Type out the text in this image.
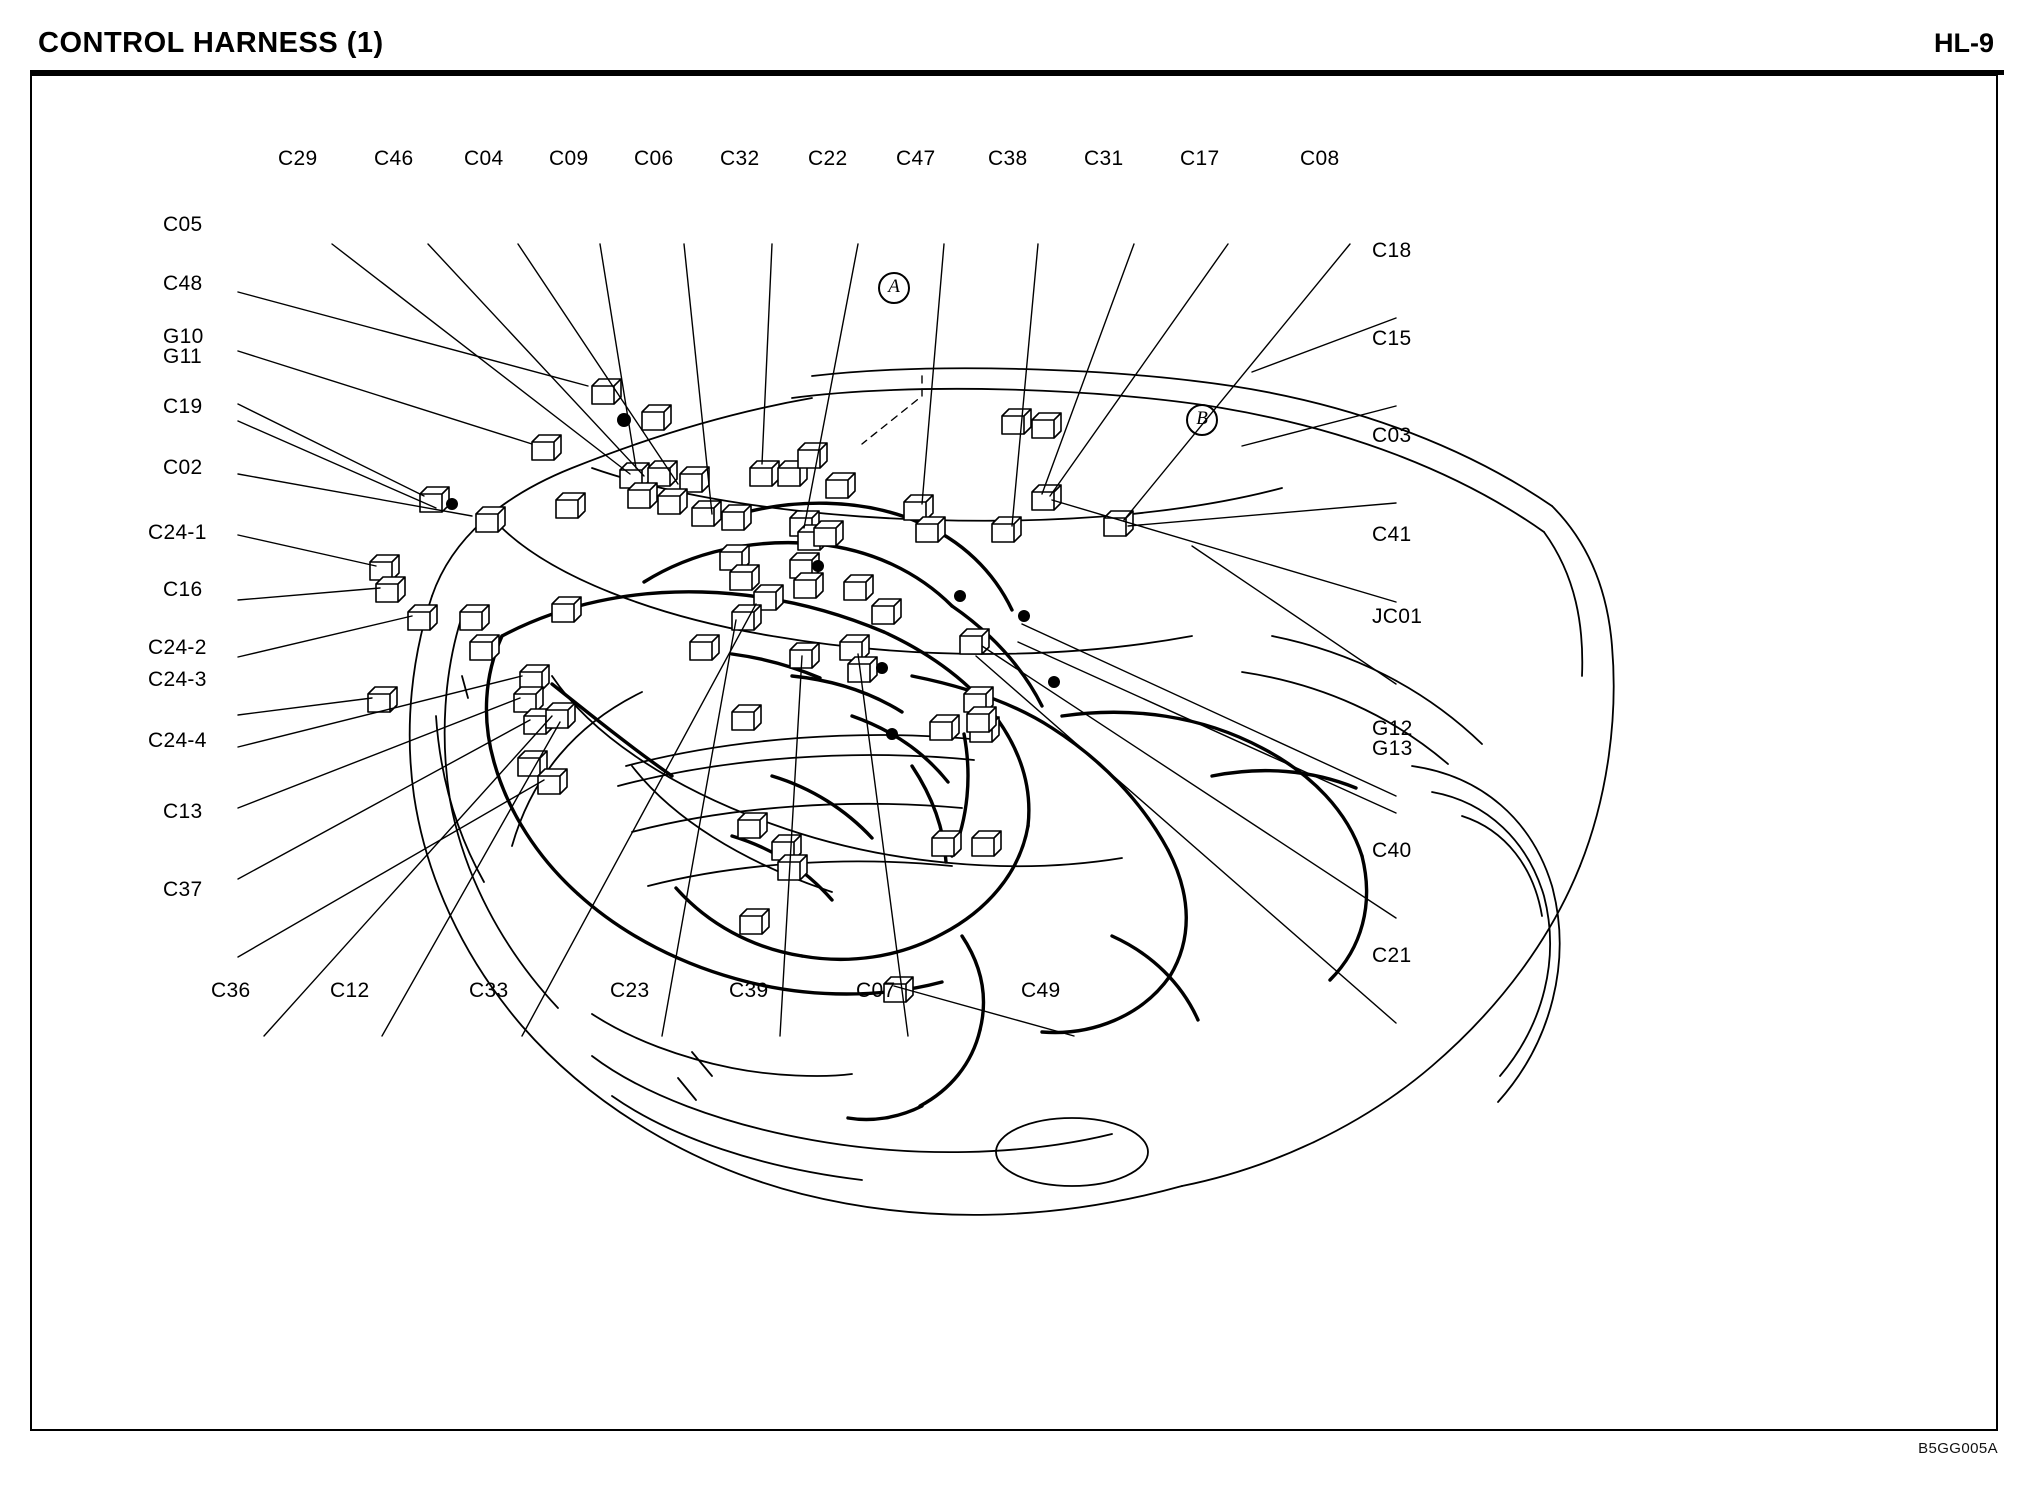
CONTROL HARNESS (1)	HL-9
C29	C46 C04 C09 C06 C32 C22 C47	C38	C31	C17	C08
C05
C48
G10
G11
C19
C02
C24-1
C16
C24-2
C24-3
C24-4
C13
C37
C18
C15
C03
C41
JC01
G12
G13
C40
C21
C36	C12	C33	C23	C39	C07	C49
A
B
B5GG005A
